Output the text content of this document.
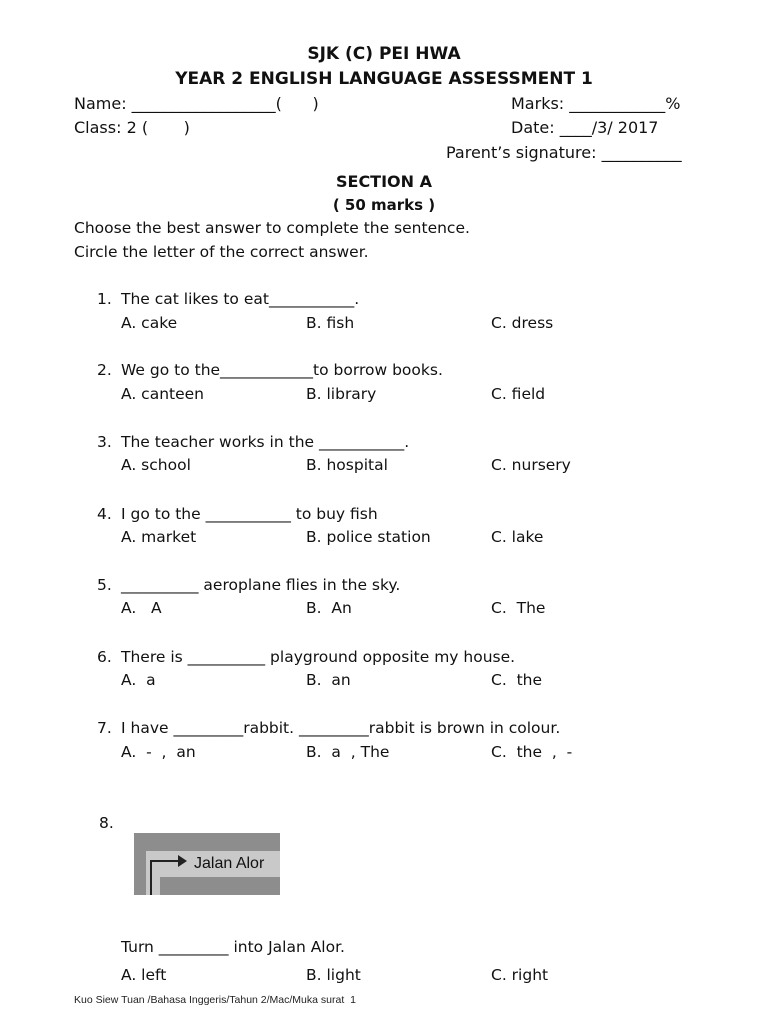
SJK (C) PEI HWA
YEAR 2 ENGLISH LANGUAGE ASSESSMENT 1
Name: __________________(      )	Marks: ____________%
Class: 2 (       )	Date: ____/3/ 2017
Parent’s signature: __________
SECTION A
( 50 marks )
Choose the best answer to complete the sentence.
Circle the letter of the correct answer.
1. The cat likes to eat___________.
A. cake	B. fish	C. dress
2. We go to the____________to borrow books.
A. canteen	B. library	C. field
3. The teacher works in the ___________.
A. school	B. hospital	C. nursery
4. I go to the ___________ to buy fish
A. market	B. police station	C. lake
5. __________ aeroplane flies in the sky.
A.   A	B.  An	C.  The
6. There is __________ playground opposite my house.
A.  a	B.  an	C.  the
7. I have _________rabbit. _________rabbit is brown in colour.
A.  -  ,  an	B.  a  , The	C.  the  ,  -
8.
Jalan Alor
Turn _________ into Jalan Alor.
A. left	B. light	C. right
Kuo Siew Tuan /Bahasa Inggeris/Tahun 2/Mac/Muka surat  1
